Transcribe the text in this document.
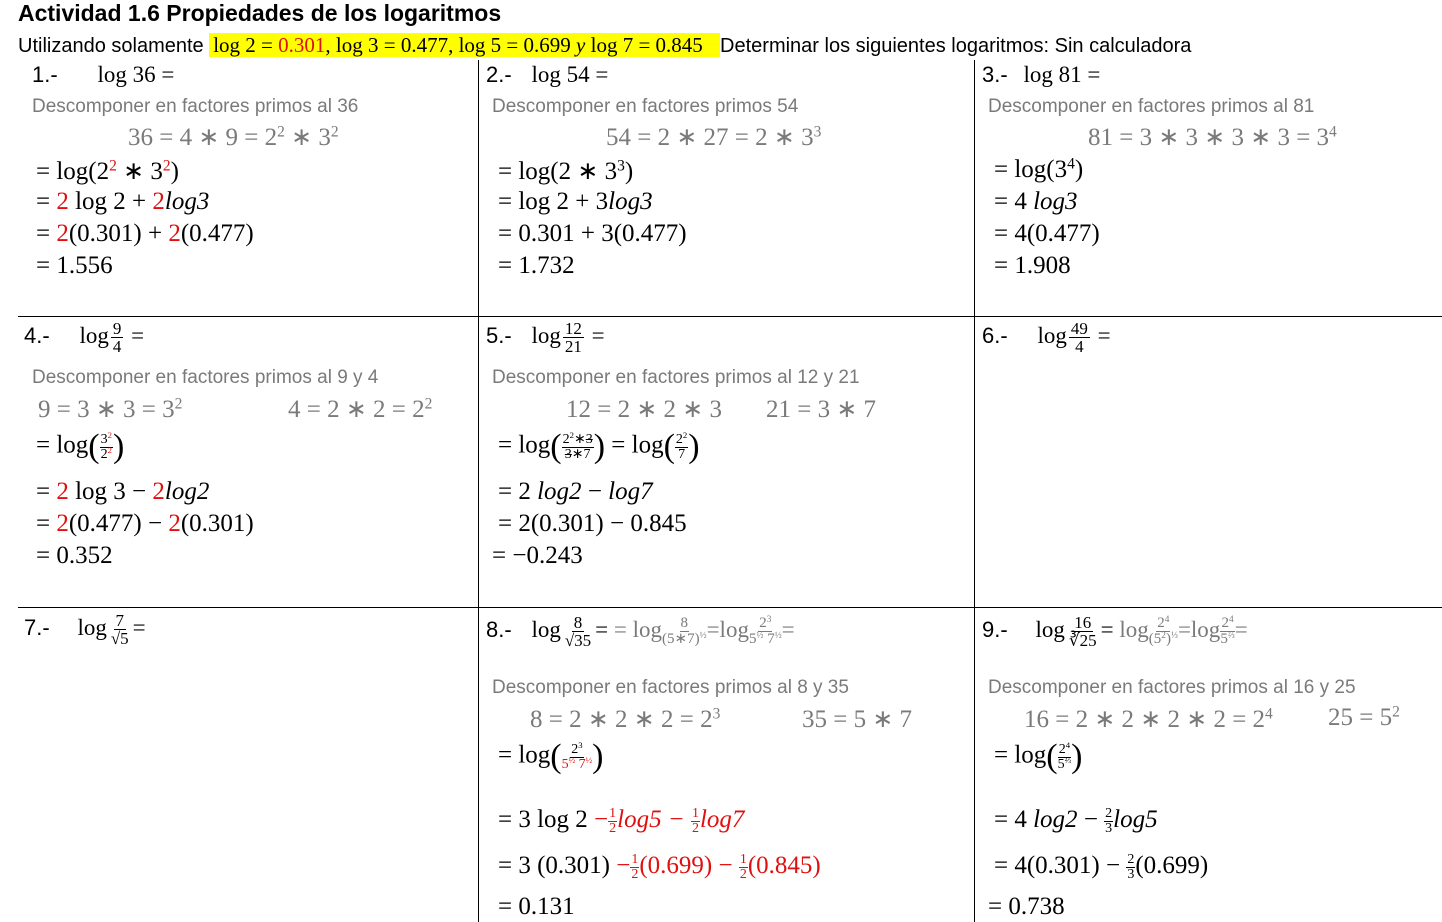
Actividad 1.6 Propiedades de los logaritmos
Utilizando solamente log 2 = 0.301, log 3 = 0.477, log 5 = 0.699 y log 7 = 0.845 Determinar los siguientes logaritmos: Sin calculadora
1.- log 36 =
Descomponer en factores primos al 36
36 = 4 ∗ $9 = 2^2$ ∗ $3^2$
= $\log(2^2$ ∗ $3^2$)
= 2 log 2 + 2log3
= 2(0.301) + 2(0.477)
= 1.556
2.- log 54 =
Descomponer en factores primos 54
54 = 2 ∗ 27 = 2 ∗ $3^3$
= log(2 ∗ $3^3$)
= log 2 + 3log3
= 0.301 + 3(0.477)
= 1.732
3.- log 81 =
Descomponer en factores primos al 81
81 = 3 ∗ 3 ∗ 3 ∗ $3 = 3^4$
= $\log(3^4)$
= 4 log3
= 4(0.477)
= 1.908
4.- $\log \frac{9}{4}$ =
Descomponer en factores primos al 9 y 4
9 = 3 ∗ $3 = 3^2$	4 = 2 ∗ $2 = 2^2$
= $\log( \frac{3^2}{2^2}$ )
= 2 log 3 − 2log2
= 2(0.477) − 2(0.301)
= 0.352
5.- $\log \frac{12}{21}$ =
Descomponer en factores primos al 12 y 21
12 = 2 ∗ 2 ∗ 3 21 = 3 ∗ 7
= $\log( \frac{2^2∗3}{3∗7}$ ) = $\log( \frac{2^2}{7}$ )
= 2 log2 − log7
= 2(0.301) − 0.845
= −0.243
6.- $\log \frac{49}{4}$ =
7.- $\log \frac{7}{√5}$ =	8.- $\log \frac{8}{√35}$ = = $\log \frac{8}{(5∗7)^{\frac{1}{2}}} =\log \frac{2^3}{5^{\frac{1}{2}} 7^{\frac{1}{2}}}$ =
Descomponer en factores primos al 8 y 35
8 = 2 ∗ 2 ∗ $2 = 2^3$	35 = 5 ∗ 7
= $\log( \frac{2^3}{5^{\frac{1}{2}} 7^{\frac{1}{2}}}$ )
= 3 $\log 2 - \frac{1}{2} \log 5 - \frac{1}{2} \log 7$
= 3 $(0.301) - \frac{1}{2} (0.699) - \frac{1}{2} (0.845)$
= 0.131
9.- $\log \frac{16}{∛25} = \log \frac{2^4}{(5^2)^{\frac{1}{3}}} =\log \frac{2^4}{5^{\frac{2}{3}}}$ =
Descomponer en factores primos al 16 y 25
16 = 2 ∗ 2 ∗ 2 ∗ $2 = 2^4$ $25 = 5^2$
= $\log( \frac{2^4}{5^{\frac{2}{3}}}$ )
= 4 $\log 2 - \frac{2}{3} \log 5$
= $4(0.301) - \frac{2}{3} (0.699)$
= 0.738
